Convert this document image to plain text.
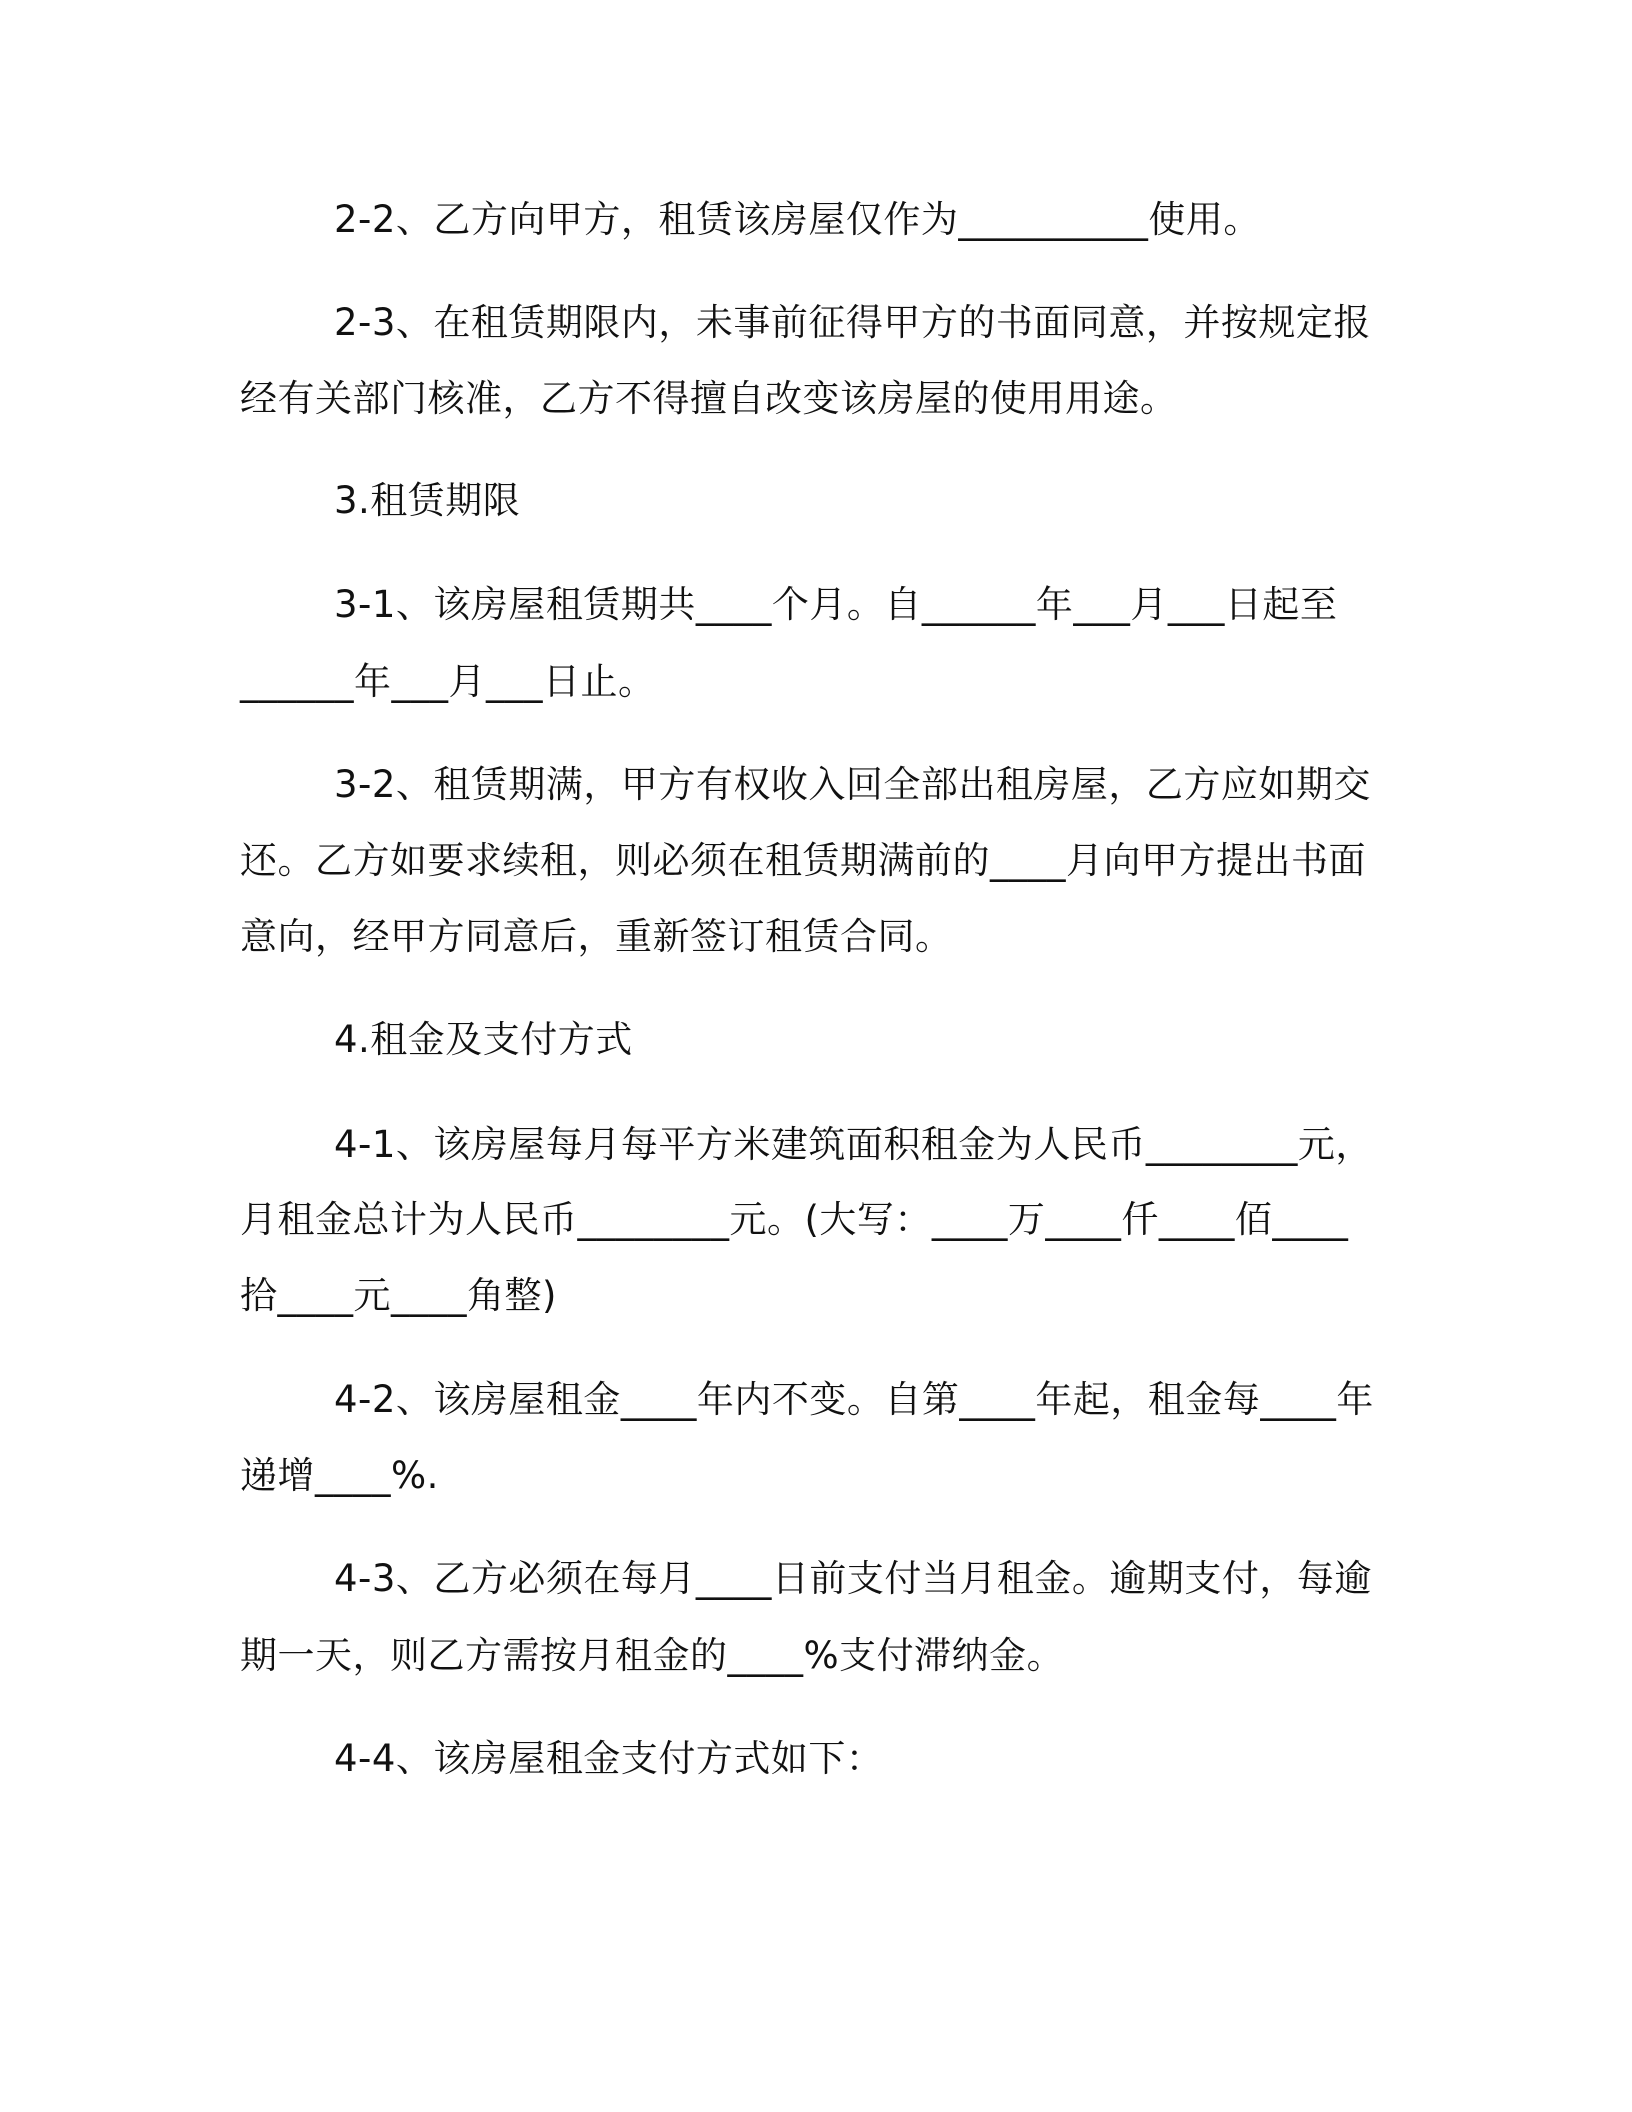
2-2、乙方向甲方，租赁该房屋仅作为__________使用。
2-3、在租赁期限内，未事前征得甲方的书面同意，并按规定报
经有关部门核准，乙方不得擅自改变该房屋的使用用途。
3.租赁期限
3-1、该房屋租赁期共____个月。自______年___月___日起至
______年___月___日止。
3-2、租赁期满，甲方有权收入回全部出租房屋，乙方应如期交
还。乙方如要求续租，则必须在租赁期满前的____月向甲方提出书面
意向，经甲方同意后，重新签订租赁合同。
4.租金及支付方式
4-1、该房屋每月每平方米建筑面积租金为人民币________元，
月租金总计为人民币________元。(大写：____万____仟____佰____
拾____元____角整)
4-2、该房屋租金____年内不变。自第____年起，租金每____年
递增____%.
4-3、乙方必须在每月____日前支付当月租金。逾期支付，每逾
期一天，则乙方需按月租金的____%支付滞纳金。
4-4、该房屋租金支付方式如下：
